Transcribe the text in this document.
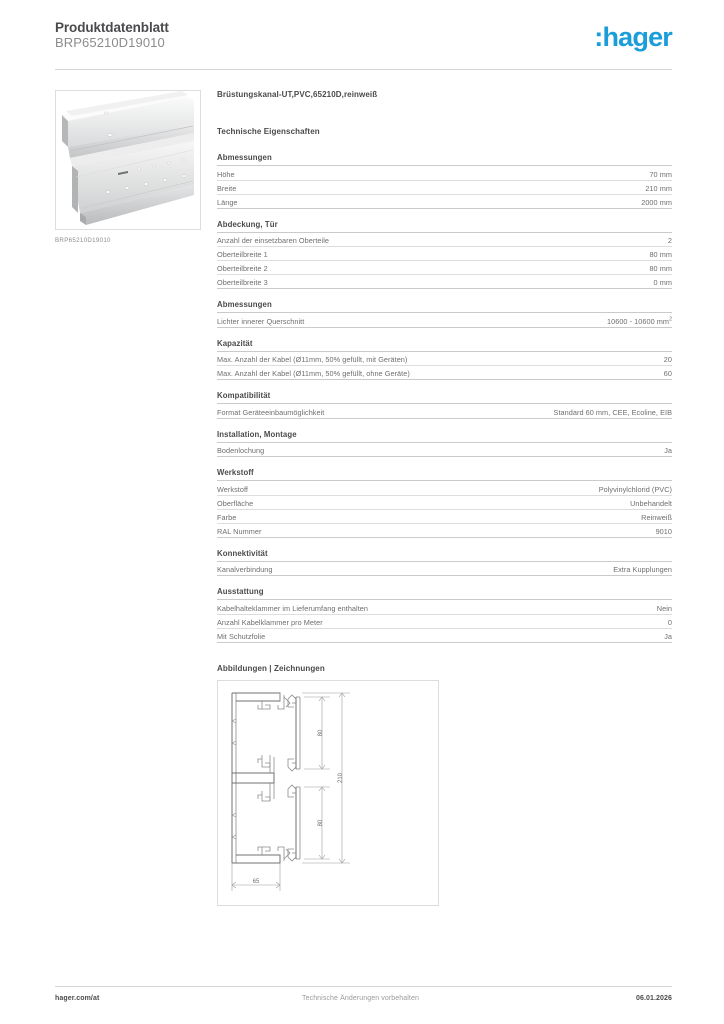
Produktdatenblatt
BRP65210D19010	:hager
BRP65210D19010
Brüstungskanal-UT,PVC,65210D,reinweiß
Technische Eigenschaften
Abmessungen
Höhe	70 mm
Breite	210 mm
Länge	2000 mm
Abdeckung, Tür
Anzahl der einsetzbaren Oberteile	2
Oberteilbreite 1	80 mm
Oberteilbreite 2	80 mm
Oberteilbreite 3	0 mm
Abmessungen
Lichter innerer Querschnitt	10600 - 10600 $mm^2$
Kapazität
Max. Anzahl der Kabel (Ø11mm, 50% gefüllt, mit Geräten)	20
Max. Anzahl der Kabel (Ø11mm, 50% gefüllt, ohne Geräte)	60
Kompatibilität
Format Geräteeinbaumöglichkeit	Standard 60 mm, CEE, Ecoline, EIB
Installation, Montage
Bodenlochung	Ja
Werkstoff
Werkstoff	Polyvinylchlorid (PVC)
Oberfläche	Unbehandelt
Farbe	Reinweiß
RAL Nummer	9010
Konnektivität
Kanalverbindung	Extra Kupplungen
Ausstattung
Kabelhalteklammer im Lieferumfang enthalten	Nein
Anzahl Kabelklammer pro Meter	0
Mit Schutzfolie	Ja
Abbildungen | Zeichnungen
80
80
210
65
hager.com/at	Technische Änderungen vorbehalten	06.01.2026
